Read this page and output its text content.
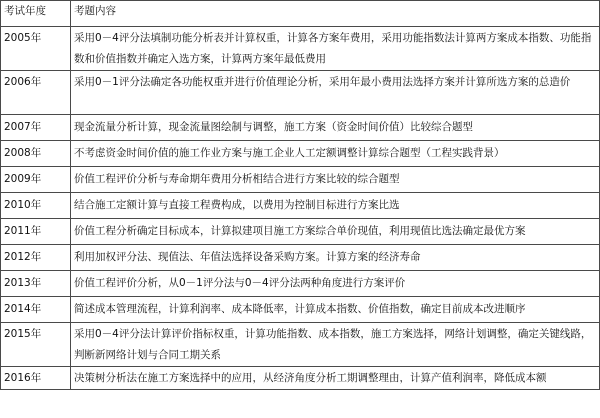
考试年度	考题内容

2005年	采用0－4评分法填制功能分析表并计算权重，计算各方案年费用，采用功能指数法计算两方案成本指数、功能指数和价值指数并确定入选方案，计算两方案年最低费用

2006年	采用0－1评分法确定各功能权重并进行价值理论分析，采用年最小费用法选择方案并计算所选方案的总造价

2007年	现金流量分析计算，现金流量图绘制与调整，施工方案（资金时间价值）比较综合题型

2008年	不考虑资金时间价值的施工作业方案与施工企业人工定额调整计算综合题型（工程实践背景）

2009年	价值工程评价分析与寿命期年费用分析相结合进行方案比较的综合题型

2010年	结合施工定额计算与直接工程费构成，以费用为控制目标进行方案比选

2011年	价值工程分析确定目标成本，计算拟建项目施工方案综合单价现值，利用现值比选法确定最优方案

2012年	利用加权评分法、现值法、年值法选择设备采购方案。计算方案的经济寿命

2013年	价值工程评价分析，从0－1评分法与0－4评分法两种角度进行方案评价

2014年	简述成本管理流程，计算利润率、成本降低率，计算成本指数、价值指数，确定目前成本改进顺序

2015年	采用0－4评分法计算评价指标权重，计算功能指数、成本指数，施工方案选择，网络计划调整，确定关键线路，判断新网络计划与合同工期关系

2016年	决策树分析法在施工方案选择中的应用，从经济角度分析工期调整理由，计算产值利润率，降低成本额
